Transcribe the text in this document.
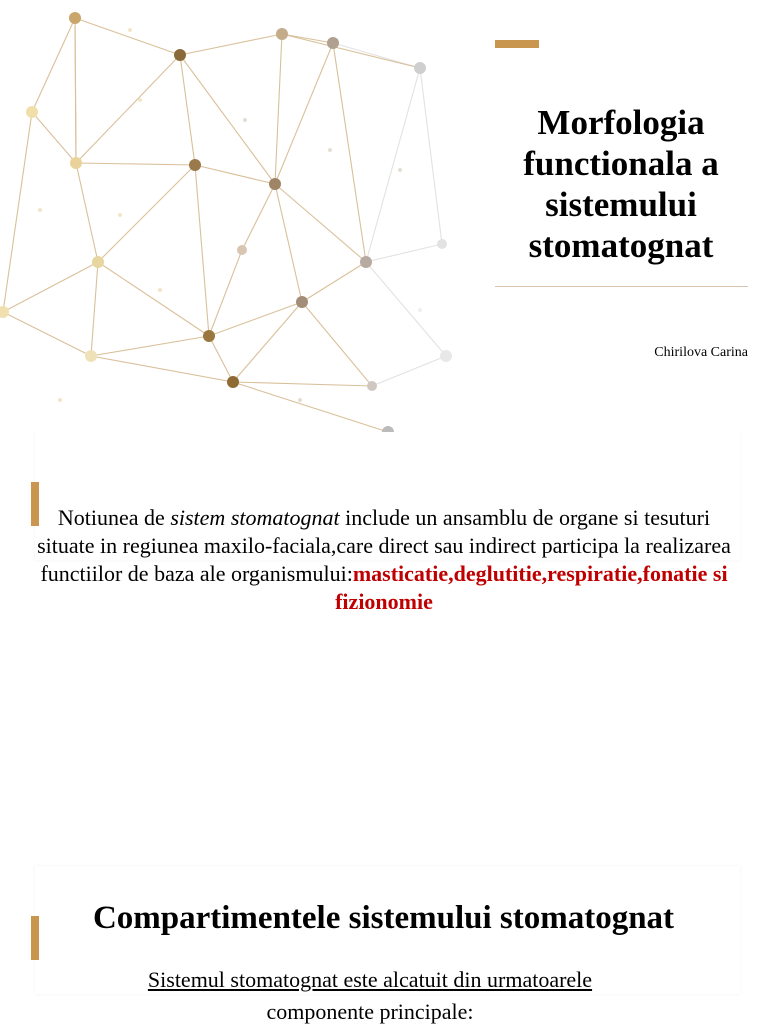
Morfologia functionala a sistemului stomatognat
Chirilova Carina
Notiunea de sistem stomatognat include un ansamblu de organe si tesuturi situate in regiunea maxilo-faciala,care direct sau indirect participa la realizarea functiilor de baza ale organismului:masticatie,deglutitie,respiratie,fonatie si fizionomie
Compartimentele sistemului stomatognat
Sistemul stomatognat este alcatuit din urmatoarele
componente principale:
